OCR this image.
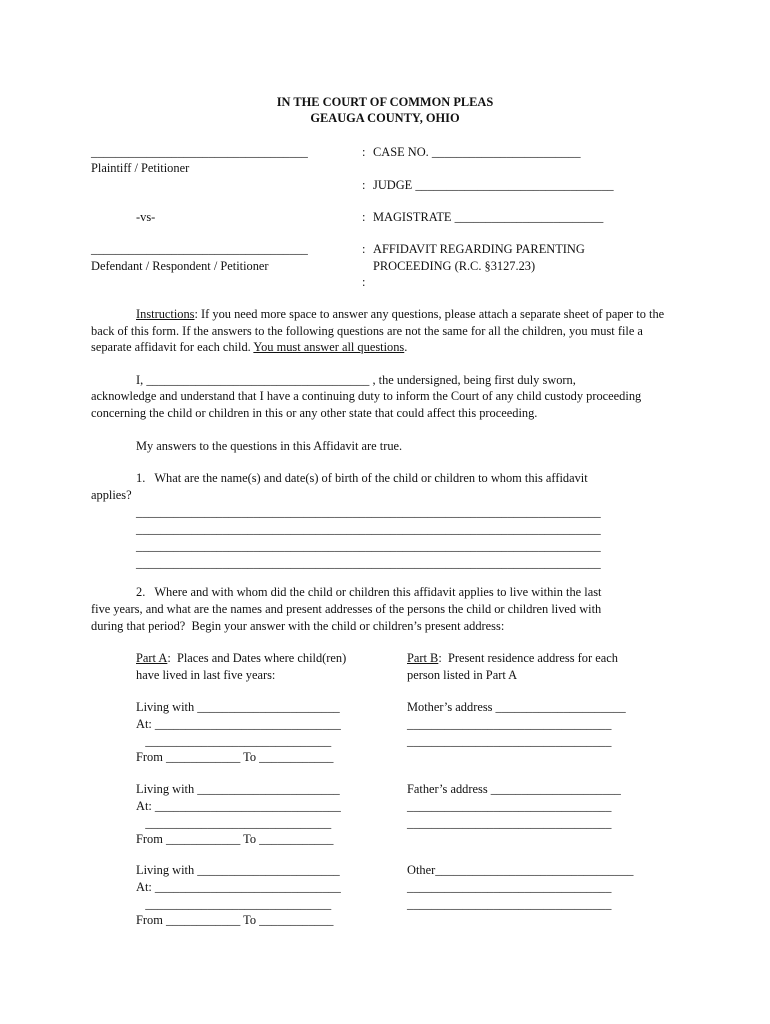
IN THE COURT OF COMMON PLEAS
GEAUGA COUNTY, OHIO
___________________________________
Plaintiff / Petitioner
-vs-
___________________________________
Defendant / Respondent / Petitioner
:
:
:
:
:
CASE NO. ________________________
JUDGE ________________________________
MAGISTRATE ________________________
AFFIDAVIT REGARDING PARENTING
PROCEEDING (R.C. §3127.23)
Instructions: If you need more space to answer any questions, please attach a separate sheet of paper to the back of this form. If the answers to the following questions are not the same for all the children, you must file a separate affidavit for each child. You must answer all questions.
I, ____________________________________ , the undersigned, being first duly sworn,
acknowledge and understand that I have a continuing duty to inform the Court of any child custody proceeding concerning the child or children in this or any other state that could affect this proceeding.
My answers to the questions in this Affidavit are true.
1.   What are the name(s) and date(s) of birth of the child or children to whom this affidavit
applies?
___________________________________________________________________________
___________________________________________________________________________
___________________________________________________________________________
___________________________________________________________________________
2.   Where and with whom did the child or children this affidavit applies to live within the last
five years, and what are the names and present addresses of the persons the child or children lived with
during that period?  Begin your answer with the child or children’s present address:
Part A:  Places and Dates where child(ren)
have lived in last five years:
Part B:  Present residence address for each
person listed in Part A
Living with _______________________
At: ______________________________
______________________________
From ____________ To ____________
Mother’s address _____________________
_________________________________
_________________________________
Living with _______________________
At: ______________________________
______________________________
From ____________ To ____________
Father’s address _____________________
_________________________________
_________________________________
Living with _______________________
At: ______________________________
______________________________
From ____________ To ____________
Other________________________________
_________________________________
_________________________________
